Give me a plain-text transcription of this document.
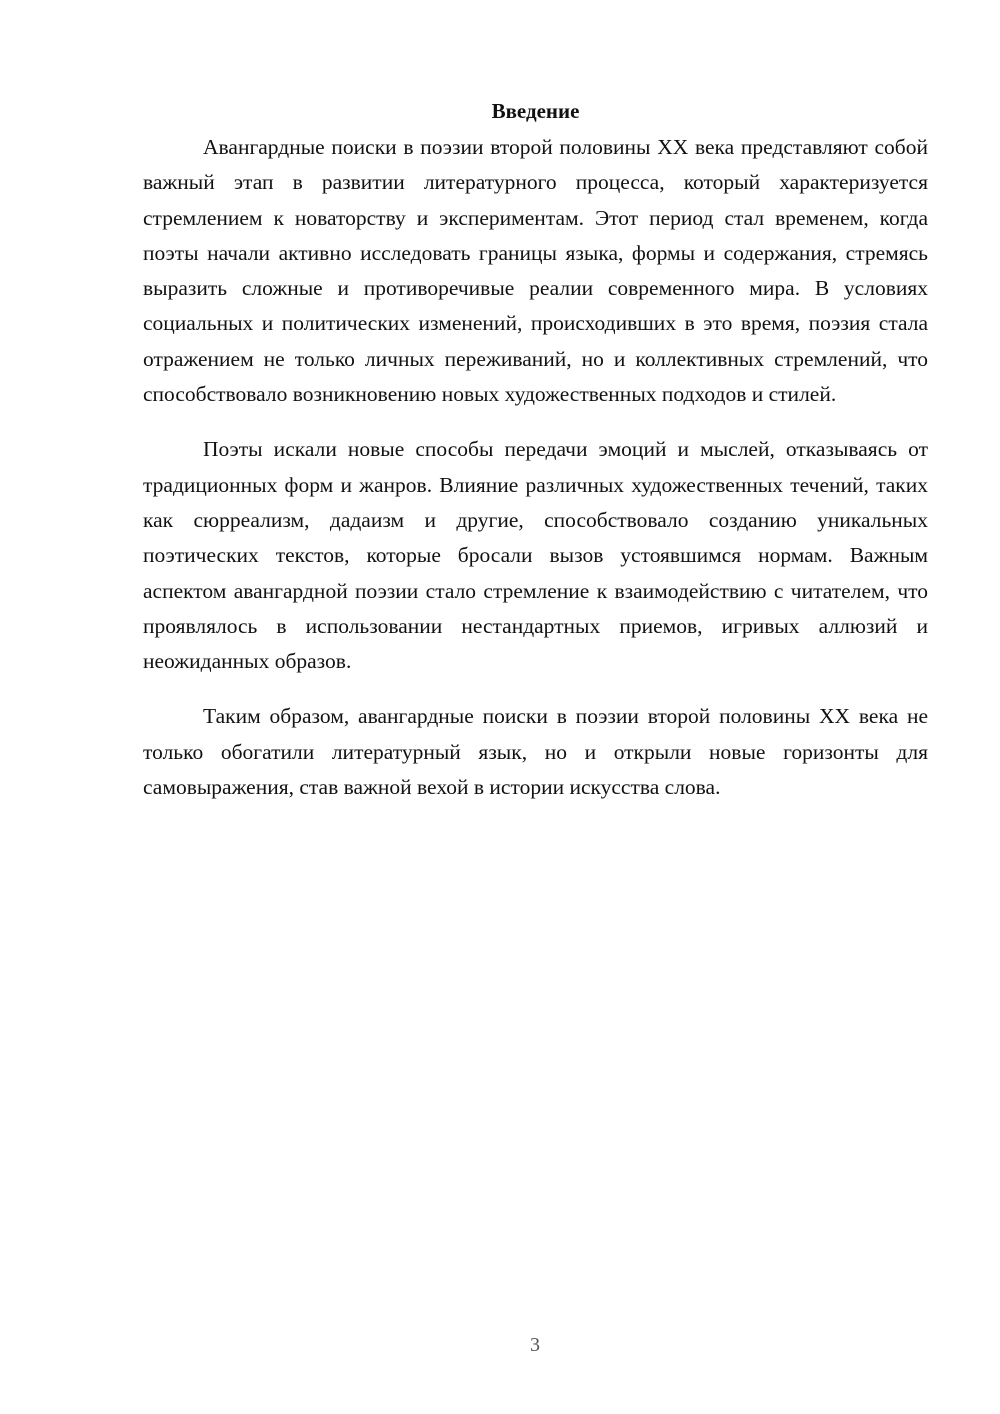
Введение

Авангардные поиски в поэзии второй половины XX века представляют собой важный этап в развитии литературного процесса, который характеризуется стремлением к новаторству и экспериментам. Этот период стал временем, когда поэты начали активно исследовать границы языка, формы и содержания, стремясь выразить сложные и противоречивые реалии современного мира. В условиях социальных и политических изменений, происходивших в это время, поэзия стала отражением не только личных переживаний, но и коллективных стремлений, что способствовало возникновению новых художественных подходов и стилей.

Поэты искали новые способы передачи эмоций и мыслей, отказываясь от традиционных форм и жанров. Влияние различных художественных течений, таких как сюрреализм, дадаизм и другие, способствовало созданию уникальных поэтических текстов, которые бросали вызов устоявшимся нормам. Важным аспектом авангардной поэзии стало стремление к взаимодействию с читателем, что проявлялось в использовании нестандартных приемов, игривых аллюзий и неожиданных образов.

Таким образом, авангардные поиски в поэзии второй половины XX века не только обогатили литературный язык, но и открыли новые горизонты для самовыражения, став важной вехой в истории искусства слова.

3
